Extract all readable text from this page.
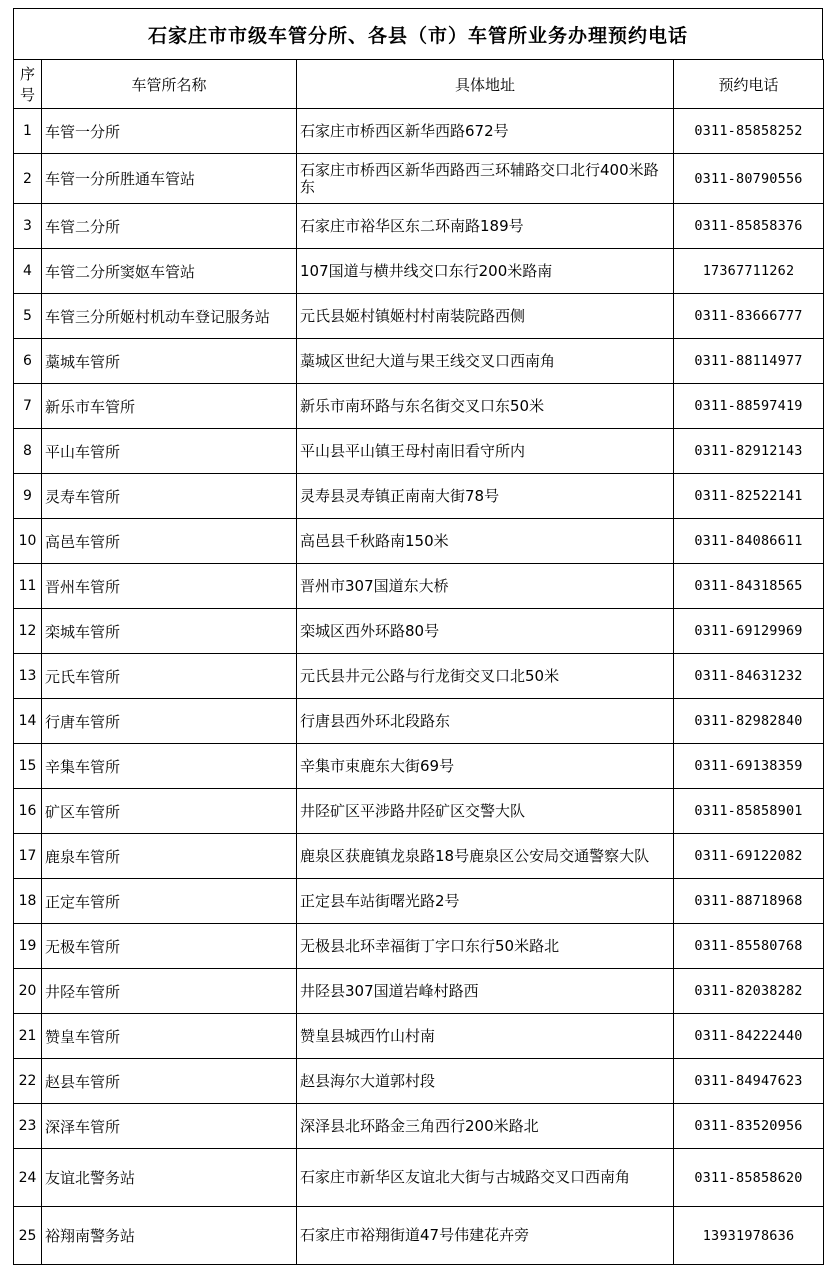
石家庄市市级车管分所、各县（市）车管所业务办理预约电话
序号	车管所名称	具体地址	预约电话
1	车管一分所	石家庄市桥西区新华西路672号	0311-85858252
2	车管一分所胜通车管站	石家庄市桥西区新华西路西三环辅路交口北行400米路东	0311-80790556
3	车管二分所	石家庄市裕华区东二环南路189号	0311-85858376
4	车管二分所窦妪车管站	107国道与横井线交口东行200米路南	17367711262
5	车管三分所姬村机动车登记服务站	元氏县姬村镇姬村村南装院路西侧	0311-83666777
6	藁城车管所	藁城区世纪大道与果王线交叉口西南角	0311-88114977
7	新乐市车管所	新乐市南环路与东名街交叉口东50米	0311-88597419
8	平山车管所	平山县平山镇王母村南旧看守所内	0311-82912143
9	灵寿车管所	灵寿县灵寿镇正南南大街78号	0311-82522141
10	高邑车管所	高邑县千秋路南150米	0311-84086611
11	晋州车管所	晋州市307国道东大桥	0311-84318565
12	栾城车管所	栾城区西外环路80号	0311-69129969
13	元氏车管所	元氏县井元公路与行龙街交叉口北50米	0311-84631232
14	行唐车管所	行唐县西外环北段路东	0311-82982840
15	辛集车管所	辛集市束鹿东大街69号	0311-69138359
16	矿区车管所	井陉矿区平涉路井陉矿区交警大队	0311-85858901
17	鹿泉车管所	鹿泉区获鹿镇龙泉路18号鹿泉区公安局交通警察大队	0311-69122082
18	正定车管所	正定县车站街曙光路2号	0311-88718968
19	无极车管所	无极县北环幸福街丁字口东行50米路北	0311-85580768
20	井陉车管所	井陉县307国道岩峰村路西	0311-82038282
21	赞皇车管所	赞皇县城西竹山村南	0311-84222440
22	赵县车管所	赵县海尔大道郭村段	0311-84947623
23	深泽车管所	深泽县北环路金三角西行200米路北	0311-83520956
24	友谊北警务站	石家庄市新华区友谊北大街与古城路交叉口西南角	0311-85858620
25	裕翔南警务站	石家庄市裕翔街道47号伟建花卉旁	13931978636
